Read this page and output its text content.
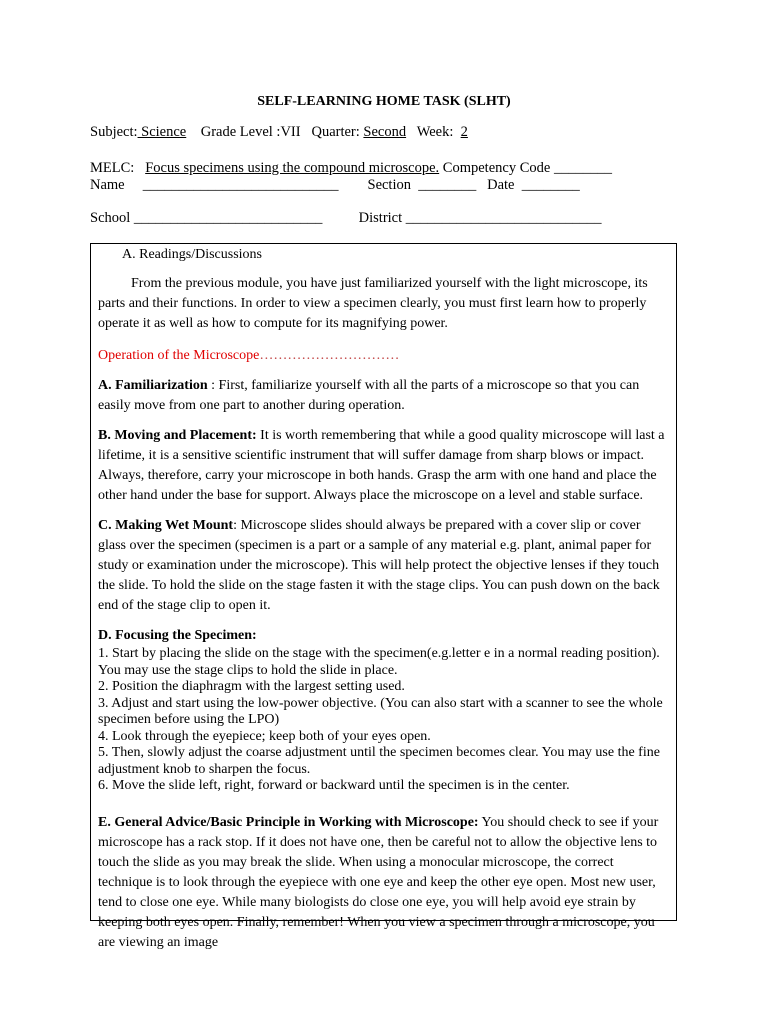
SELF-LEARNING HOME TASK (SLHT)
Subject: Science Grade Level :VII Quarter: Second Week: 2
MELC: Focus specimens using the compound microscope. Competency Code ________
Name ___________________________ Section ________ Date ________
School __________________________	District ___________________________
A. Readings/Discussions

From the previous module, you have just familiarized yourself with the light microscope, its parts and their functions. In order to view a specimen clearly, you must first learn how to properly operate it as well as how to compute for its magnifying power.

Operation of the Microscope…………………………

A. Familiarization : First, familiarize yourself with all the parts of a microscope so that you can easily move from one part to another during operation.

B. Moving and Placement: It is worth remembering that while a good quality microscope will last a lifetime, it is a sensitive scientific instrument that will suffer damage from sharp blows or impact. Always, therefore, carry your microscope in both hands. Grasp the arm with one hand and place the other hand under the base for support. Always place the microscope on a level and stable surface.

C. Making Wet Mount: Microscope slides should always be prepared with a cover slip or cover glass over the specimen (specimen is a part or a sample of any material e.g. plant, animal paper for study or examination under the microscope). This will help protect the objective lenses if they touch the slide. To hold the slide on the stage fasten it with the stage clips. You can push down on the back end of the stage clip to open it.

D. Focusing the Specimen:

1. Start by placing the slide on the stage with the specimen(e.g.letter e in a normal reading position). You may use the stage clips to hold the slide in place.

2. Position the diaphragm with the largest setting used.

3. Adjust and start using the low-power objective. (You can also start with a scanner to see the whole specimen before using the LPO)

4. Look through the eyepiece; keep both of your eyes open.

5. Then, slowly adjust the coarse adjustment until the specimen becomes clear. You may use the fine adjustment knob to sharpen the focus.

6. Move the slide left, right, forward or backward until the specimen is in the center.

E. General Advice/Basic Principle in Working with Microscope: You should check to see if your microscope has a rack stop. If it does not have one, then be careful not to allow the objective lens to touch the slide as you may break the slide. When using a monocular microscope, the correct technique is to look through the eyepiece with one eye and keep the other eye open. Most new user, tend to close one eye. While many biologists do close one eye, you will help avoid eye strain by keeping both eyes open. Finally, remember! When you view a specimen through a microscope, you are viewing an image
